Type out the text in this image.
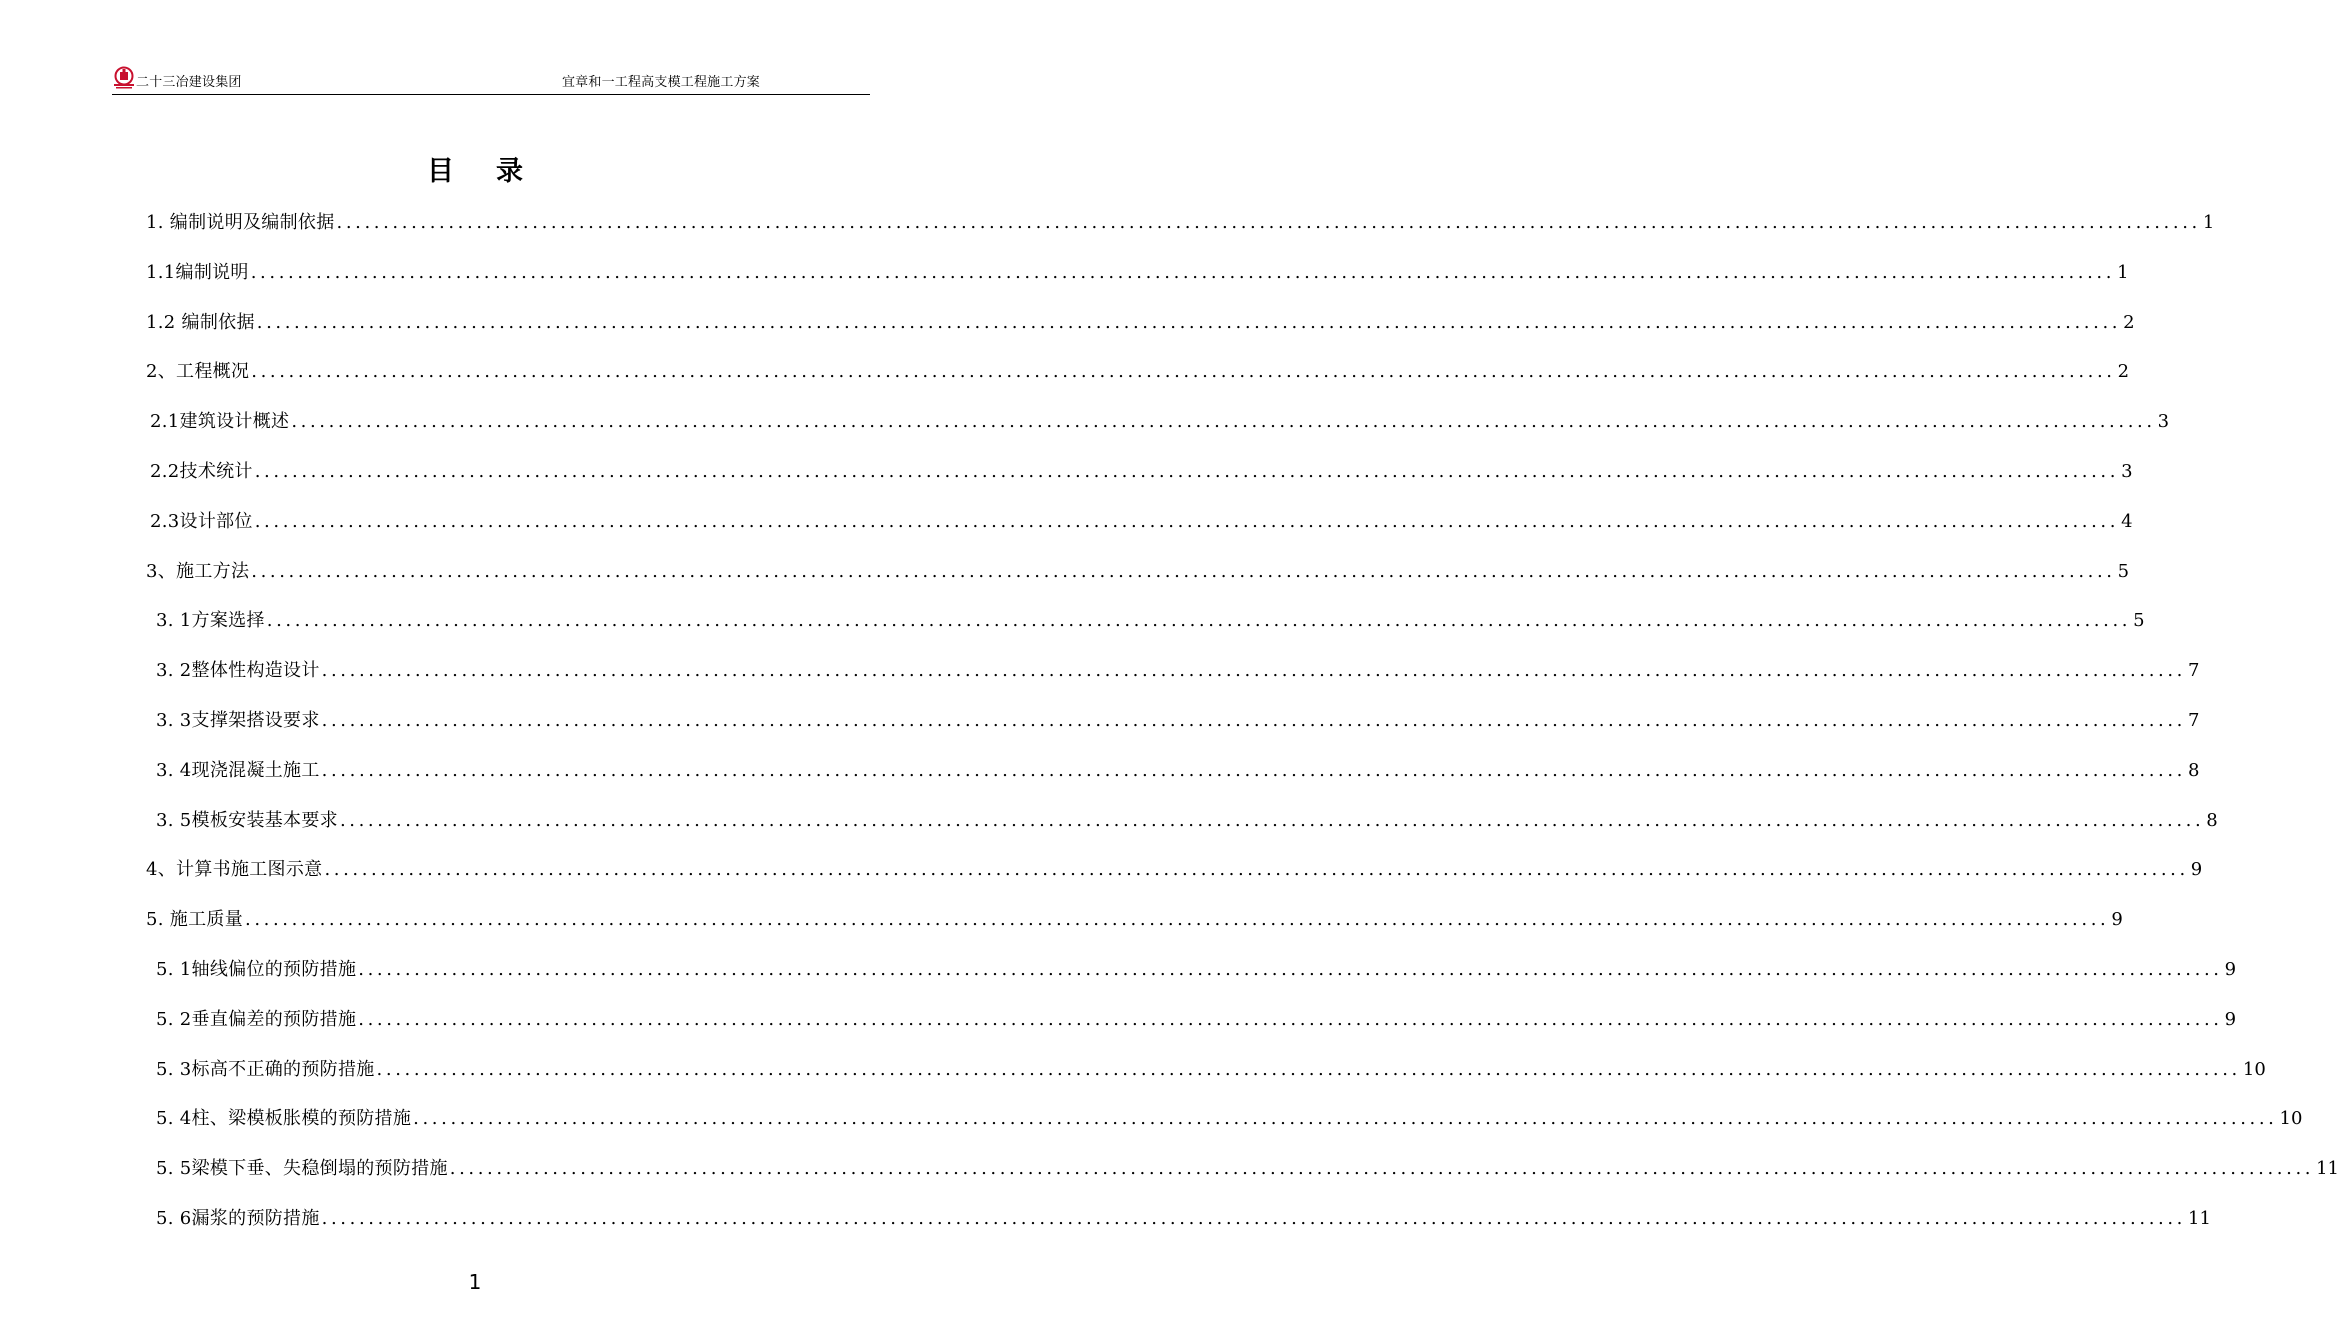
二十三冶建设集团	宜章和一工程高支模工程施工方案
目录
1. 编制说明及编制依据 ........................................................................................................................................................................................................ 1
1.1编制说明 ........................................................................................................................................................................................................ 1
1.2 编制依据 ........................................................................................................................................................................................................ 2
2、工程概况 ........................................................................................................................................................................................................ 2
2.1建筑设计概述 ........................................................................................................................................................................................................ 3
2.2技术统计 ........................................................................................................................................................................................................ 3
2.3设计部位 ........................................................................................................................................................................................................ 4
3、施工方法 ........................................................................................................................................................................................................ 5
3. 1方案选择 ........................................................................................................................................................................................................ 5
3. 2整体性构造设计 ........................................................................................................................................................................................................ 7
3. 3支撑架搭设要求 ........................................................................................................................................................................................................ 7
3. 4现浇混凝土施工 ........................................................................................................................................................................................................ 8
3. 5模板安装基本要求 ........................................................................................................................................................................................................ 8
4、计算书施工图示意 ........................................................................................................................................................................................................ 9
5. 施工质量 ........................................................................................................................................................................................................ 9
5. 1轴线偏位的预防措施 ........................................................................................................................................................................................................ 9
5. 2垂直偏差的预防措施 ........................................................................................................................................................................................................ 9
5. 3标高不正确的预防措施 ........................................................................................................................................................................................................ 10
5. 4柱、梁模板胀模的预防措施 ........................................................................................................................................................................................................ 10
5. 5梁模下垂、失稳倒塌的预防措施 ........................................................................................................................................................................................................ 11
5. 6漏浆的预防措施 ........................................................................................................................................................................................................ 11
1
